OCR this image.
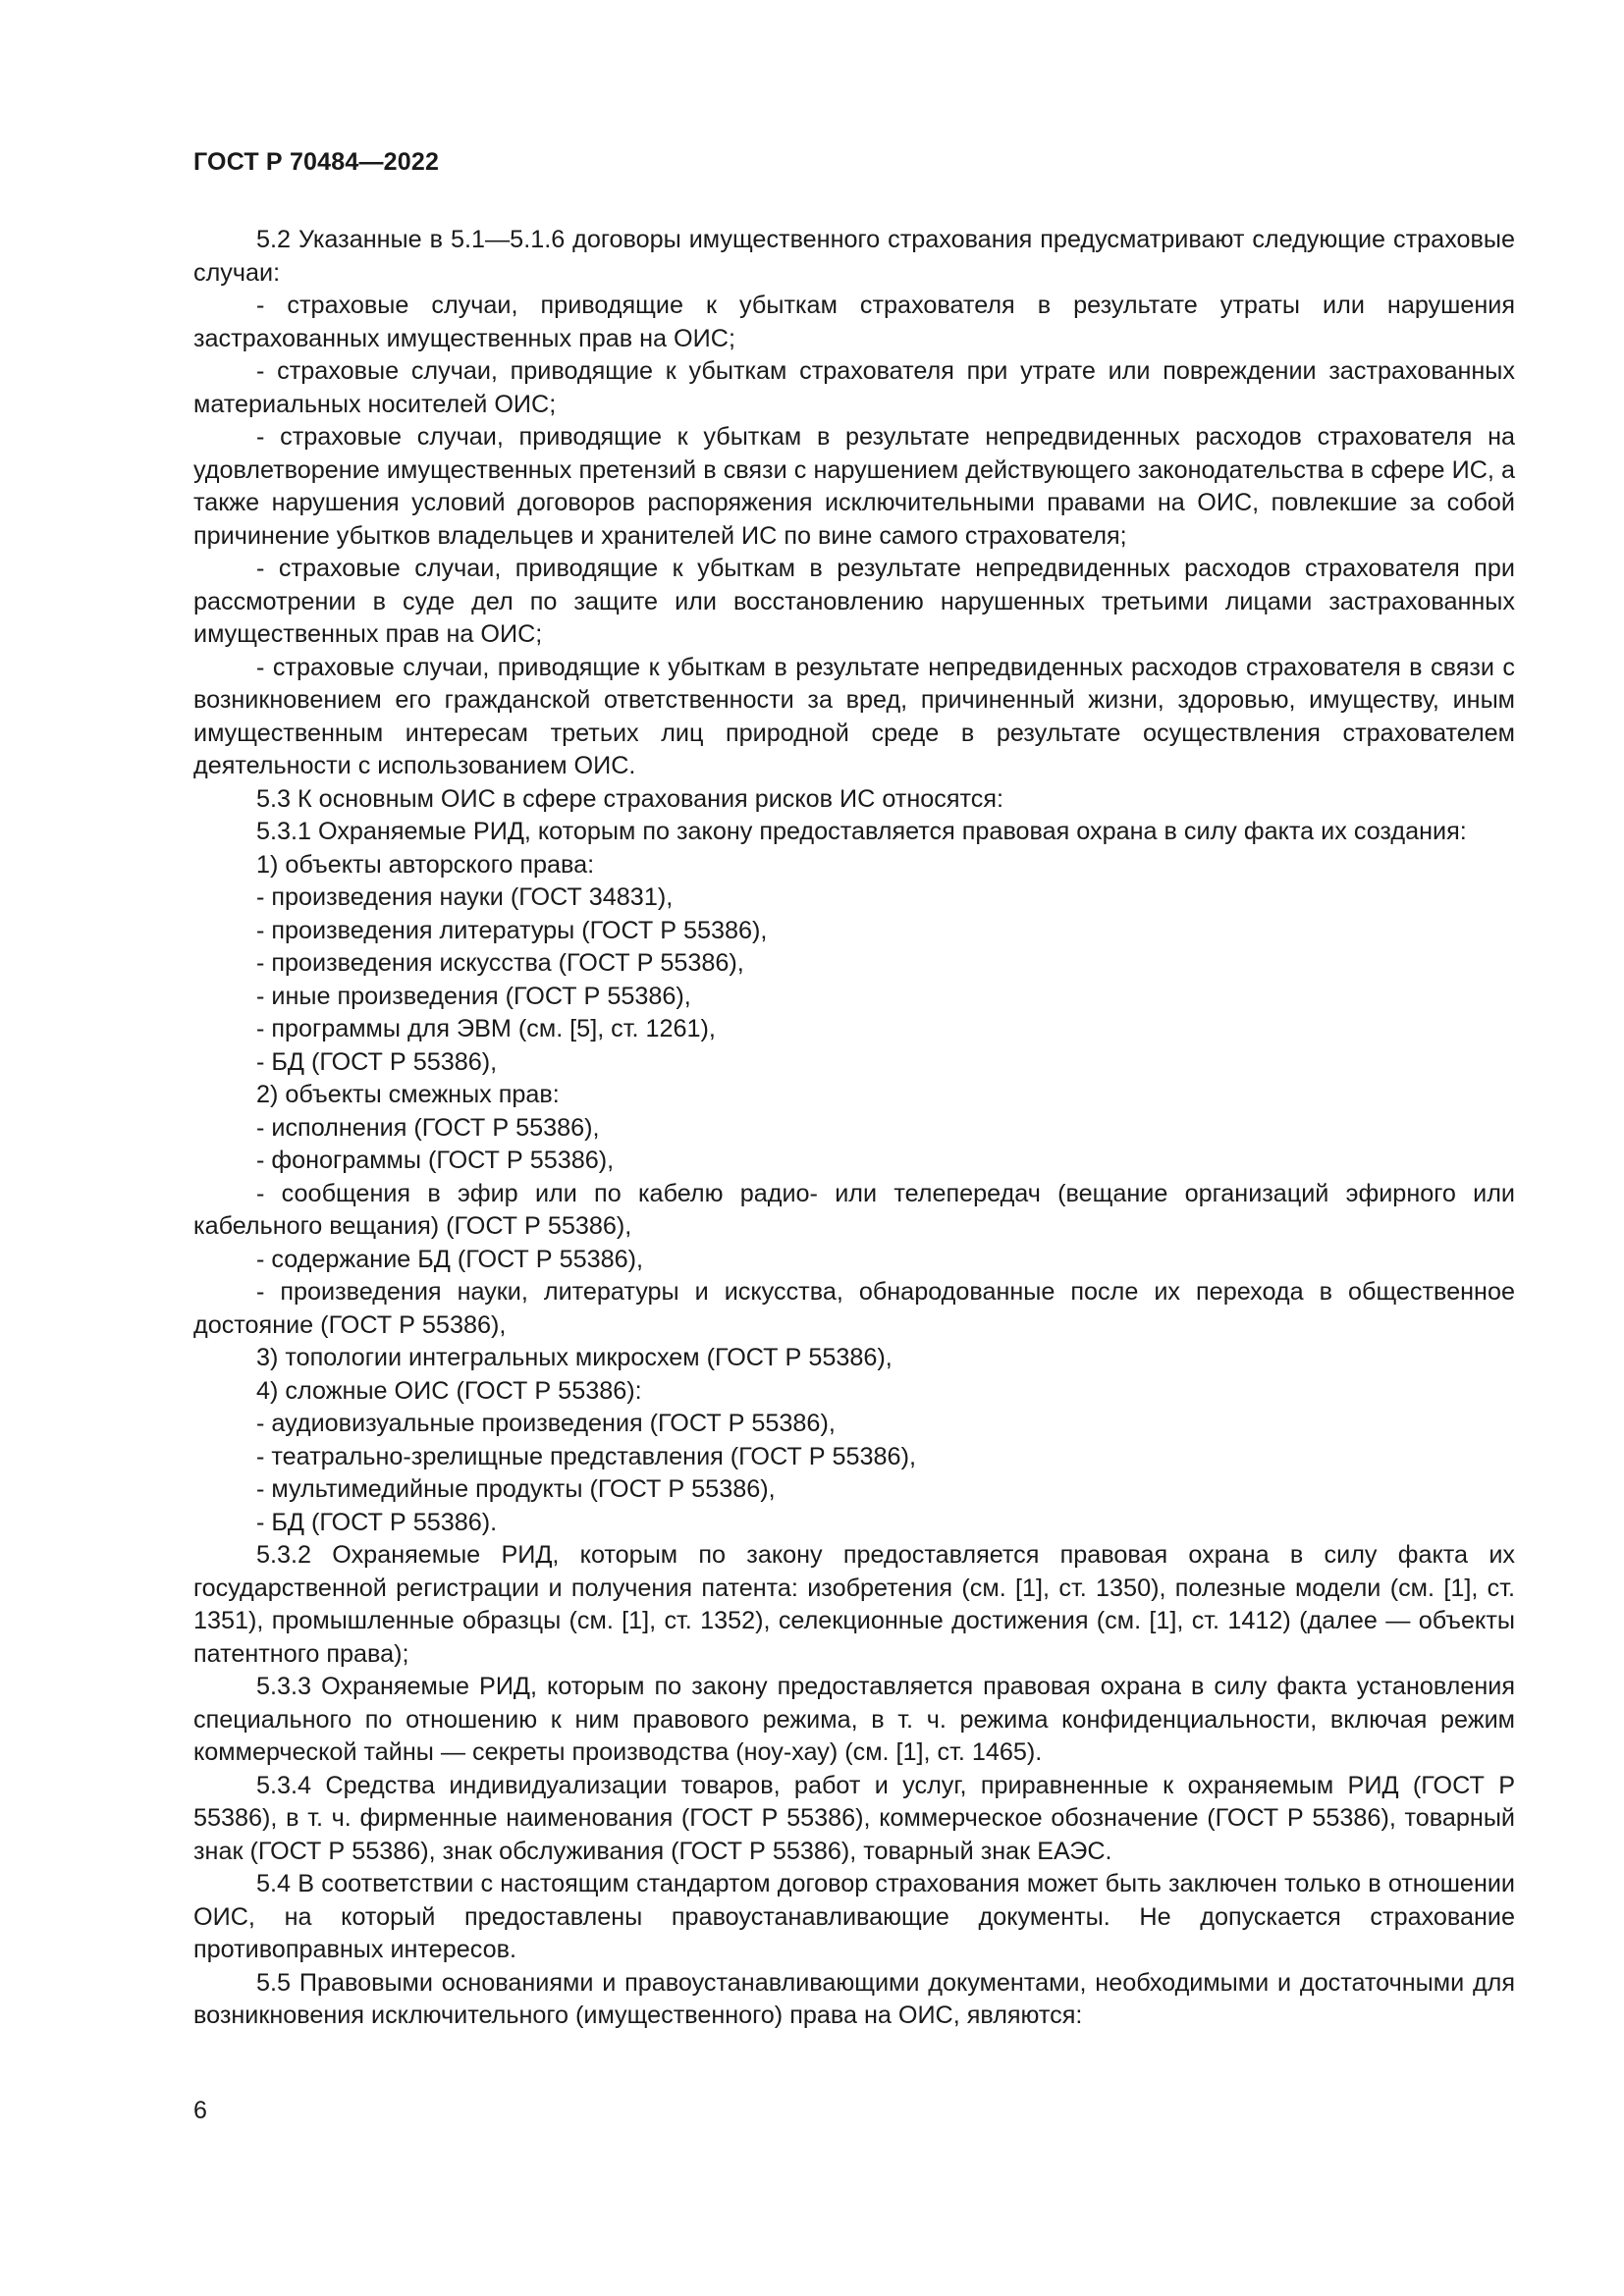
ГОСТ Р 70484—2022

5.2 Указанные в 5.1—5.1.6 договоры имущественного страхования предусматривают следующие страховые случаи:

- страховые случаи, приводящие к убыткам страхователя в результате утраты или нарушения застрахованных имущественных прав на ОИС;

- страховые случаи, приводящие к убыткам страхователя при утрате или повреждении застрахованных материальных носителей ОИС;

- страховые случаи, приводящие к убыткам в результате непредвиденных расходов страхователя на удовлетворение имущественных претензий в связи с нарушением действующего законодательства в сфере ИС, а также нарушения условий договоров распоряжения исключительными правами на ОИС, повлекшие за собой причинение убытков владельцев и хранителей ИС по вине самого страхователя;

- страховые случаи, приводящие к убыткам в результате непредвиденных расходов страхователя при рассмотрении в суде дел по защите или восстановлению нарушенных третьими лицами застрахованных имущественных прав на ОИС;

- страховые случаи, приводящие к убыткам в результате непредвиденных расходов страхователя в связи с возникновением его гражданской ответственности за вред, причиненный жизни, здоровью, имуществу, иным имущественным интересам третьих лиц природной среде в результате осуществления страхователем деятельности с использованием ОИС.

5.3 К основным ОИС в сфере страхования рисков ИС относятся:

5.3.1 Охраняемые РИД, которым по закону предоставляется правовая охрана в силу факта их создания:

1) объекты авторского права:

- произведения науки (ГОСТ 34831),

- произведения литературы (ГОСТ Р 55386),

- произведения искусства (ГОСТ Р 55386),

- иные произведения (ГОСТ Р 55386),

- программы для ЭВМ (см. [5], ст. 1261),

- БД (ГОСТ Р 55386),

2) объекты смежных прав:

- исполнения (ГОСТ Р 55386),

- фонограммы (ГОСТ Р 55386),

- сообщения в эфир или по кабелю радио- или телепередач (вещание организаций эфирного или кабельного вещания) (ГОСТ Р 55386),

- содержание БД (ГОСТ Р 55386),

- произведения науки, литературы и искусства, обнародованные после их перехода в общественное достояние (ГОСТ Р 55386),

3) топологии интегральных микросхем (ГОСТ Р 55386),

4) сложные ОИС (ГОСТ Р 55386):

- аудиовизуальные произведения (ГОСТ Р 55386),

- театрально-зрелищные представления (ГОСТ Р 55386),

- мультимедийные продукты (ГОСТ Р 55386),

- БД (ГОСТ Р 55386).

5.3.2 Охраняемые РИД, которым по закону предоставляется правовая охрана в силу факта их государственной регистрации и получения патента: изобретения (см. [1], ст. 1350), полезные модели (см. [1], ст. 1351), промышленные образцы (см. [1], ст. 1352), селекционные достижения (см. [1], ст. 1412) (далее — объекты патентного права);

5.3.3 Охраняемые РИД, которым по закону предоставляется правовая охрана в силу факта установления специального по отношению к ним правового режима, в т. ч. режима конфиденциальности, включая режим коммерческой тайны — секреты производства (ноу-хау) (см. [1], ст. 1465).

5.3.4 Средства индивидуализации товаров, работ и услуг, приравненные к охраняемым РИД (ГОСТ Р 55386), в т. ч. фирменные наименования (ГОСТ Р 55386), коммерческое обозначение (ГОСТ Р 55386), товарный знак (ГОСТ Р 55386), знак обслуживания (ГОСТ Р 55386), товарный знак ЕАЭС.

5.4 В соответствии с настоящим стандартом договор страхования может быть заключен только в отношении ОИС, на который предоставлены правоустанавливающие документы. Не допускается страхование противоправных интересов.

5.5 Правовыми основаниями и правоустанавливающими документами, необходимыми и достаточными для возникновения исключительного (имущественного) права на ОИС, являются:

6
